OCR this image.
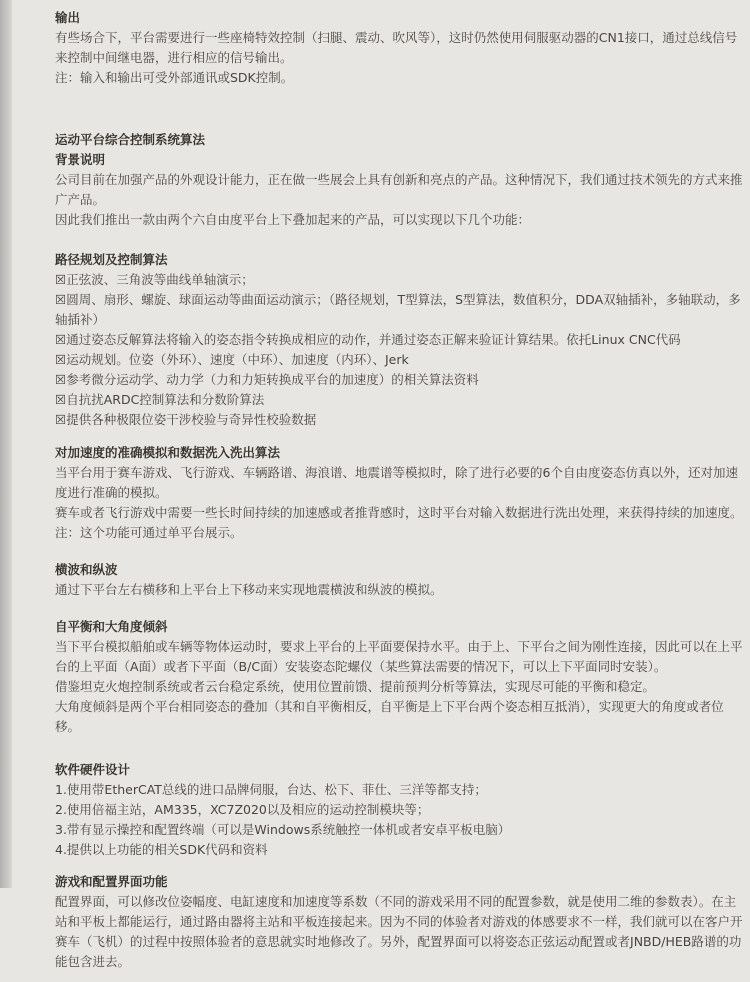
输出

有些场合下，平台需要进行一些座椅特效控制（扫腿、震动、吹风等），这时仍然使用伺服驱动器的CN1接口，通过总线信号来控制中间继电器，进行相应的信号输出。

注：输入和输出可受外部通讯或SDK控制。

运动平台综合控制系统算法
背景说明

公司目前在加强产品的外观设计能力，正在做一些展会上具有创新和亮点的产品。这种情况下，我们通过技术领先的方式来推广产品。

因此我们推出一款由两个六自由度平台上下叠加起来的产品，可以实现以下几个功能：

路径规划及控制算法

☒正弦波、三角波等曲线单轴演示；

☒圆周、扇形、螺旋、球面运动等曲面运动演示；（路径规划，T型算法，S型算法，数值积分，DDA双轴插补，多轴联动，多轴插补）

☒通过姿态反解算法将输入的姿态指令转换成相应的动作，并通过姿态正解来验证计算结果。依托Linux CNC代码

☒运动规划。位姿（外环）、速度（中环）、加速度（内环）、Jerk

☒参考微分运动学、动力学（力和力矩转换成平台的加速度）的相关算法资料

☒自抗扰ARDC控制算法和分数阶算法

☒提供各种极限位姿干涉校验与奇异性校验数据

对加速度的准确模拟和数据洗入洗出算法

当平台用于赛车游戏、飞行游戏、车辆路谱、海浪谱、地震谱等模拟时，除了进行必要的6个自由度姿态仿真以外，还对加速度进行准确的模拟。

赛车或者飞行游戏中需要一些长时间持续的加速感或者推背感时，这时平台对输入数据进行洗出处理，来获得持续的加速度。

注：这个功能可通过单平台展示。

横波和纵波

通过下平台左右横移和上平台上下移动来实现地震横波和纵波的模拟。

自平衡和大角度倾斜

当下平台模拟船舶或车辆等物体运动时，要求上平台的上平面要保持水平。由于上、下平台之间为刚性连接，因此可以在上平台的上平面（A面）或者下平面（B/C面）安装姿态陀螺仪（某些算法需要的情况下，可以上下平面同时安装）。

借鉴坦克火炮控制系统或者云台稳定系统，使用位置前馈、提前预判分析等算法，实现尽可能的平衡和稳定。

大角度倾斜是两个平台相同姿态的叠加（其和自平衡相反，自平衡是上下平台两个姿态相互抵消），实现更大的角度或者位移。

软件硬件设计

1.使用带EtherCAT总线的进口品牌伺服，台达、松下、菲仕、三洋等都支持；

2.使用倍福主站，AM335，XC7Z020以及相应的运动控制模块等；

3.带有显示操控和配置终端（可以是Windows系统触控一体机或者安卓平板电脑）

4.提供以上功能的相关SDK代码和资料

游戏和配置界面功能

配置界面，可以修改位姿幅度、电缸速度和加速度等系数（不同的游戏采用不同的配置参数，就是使用二维的参数表）。在主站和平板上都能运行，通过路由器将主站和平板连接起来。因为不同的体验者对游戏的体感要求不一样，我们就可以在客户开赛车（飞机）的过程中按照体验者的意思就实时地修改了。另外，配置界面可以将姿态正弦运动配置或者JNBD/HEB路谱的功能包含进去。
